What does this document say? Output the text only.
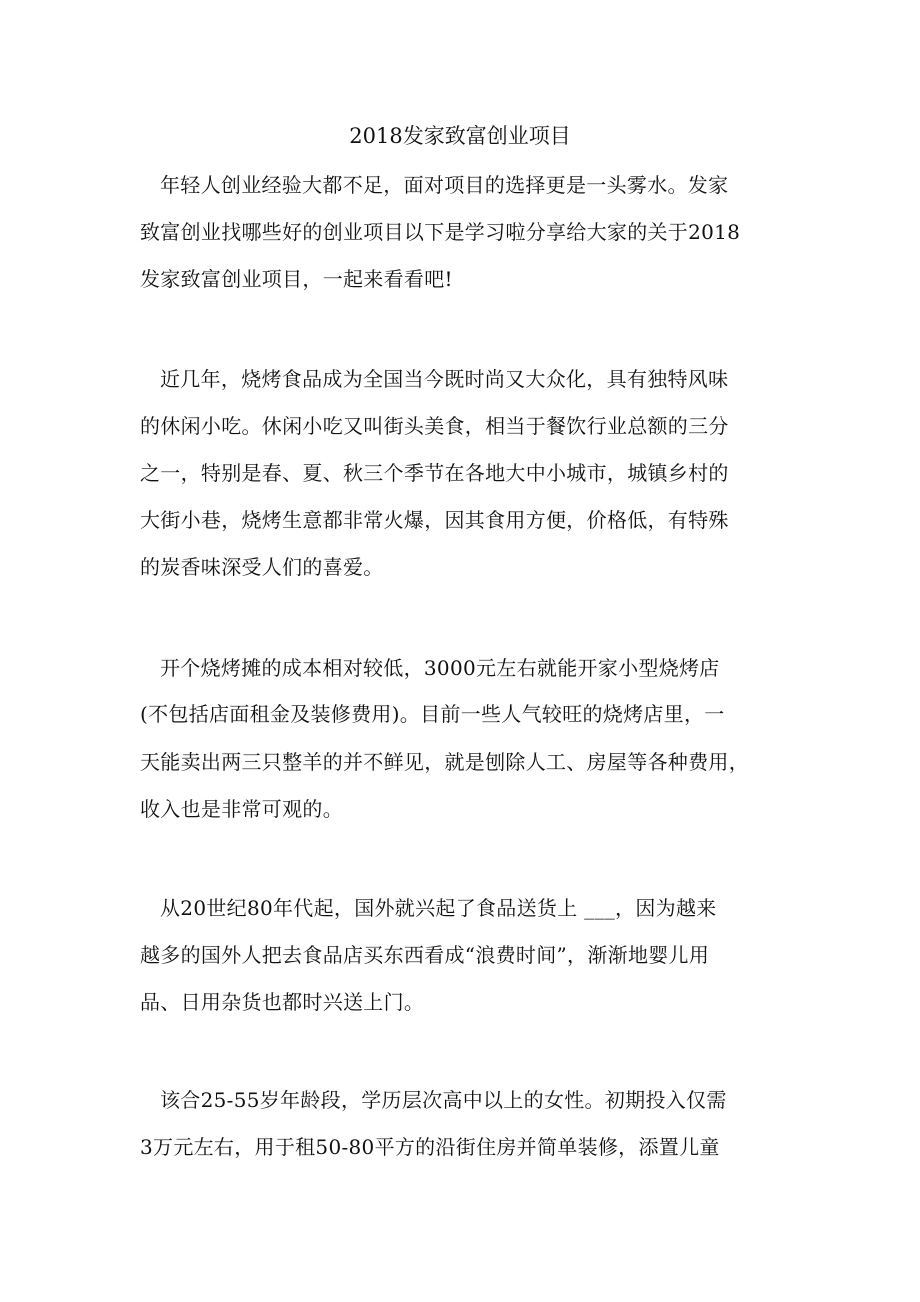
2018发家致富创业项目
年轻人创业经验大都不足，面对项目的选择更是一头雾水。发家
致富创业找哪些好的创业项目以下是学习啦分享给大家的关于2018
发家致富创业项目，一起来看看吧!
近几年，烧烤食品成为全国当今既时尚又大众化，具有独特风味
的休闲小吃。休闲小吃又叫街头美食，相当于餐饮行业总额的三分
之一，特别是春、夏、秋三个季节在各地大中小城市，城镇乡村的
大街小巷，烧烤生意都非常火爆，因其食用方便，价格低，有特殊
的炭香味深受人们的喜爱。
开个烧烤摊的成本相对较低，3000元左右就能开家小型烧烤店
(不包括店面租金及装修费用)。目前一些人气较旺的烧烤店里，一
天能卖出两三只整羊的并不鲜见，就是刨除人工、房屋等各种费用，
收入也是非常可观的。
从20世纪80年代起，国外就兴起了食品送货上 ___，因为越来
越多的国外人把去食品店买东西看成“浪费时间”，渐渐地婴儿用
品、日用杂货也都时兴送上门。
该合25-55岁年龄段，学历层次高中以上的女性。初期投入仅需
3万元左右，用于租50-80平方的沿街住房并简单装修，添置儿童
